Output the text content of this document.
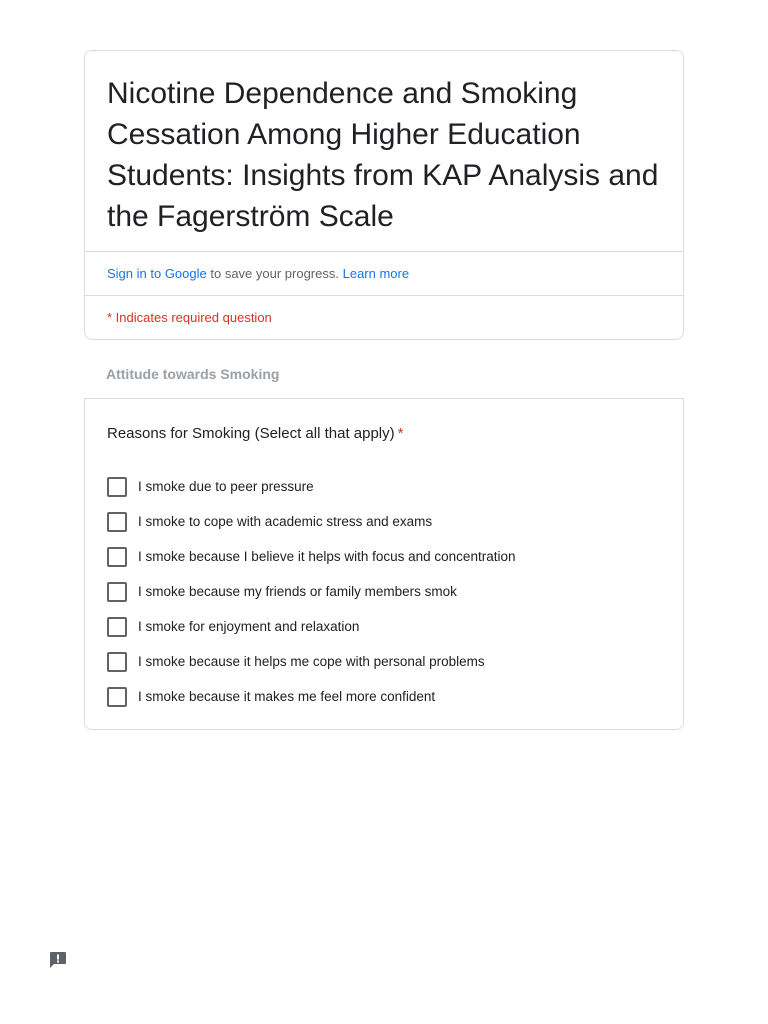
Nicotine Dependence and Smoking Cessation Among Higher Education Students: Insights from KAP Analysis and the Fagerström Scale
Sign in to Google
to save your progress.
Learn more
* Indicates required question
Attitude towards Smoking
Reasons for Smoking (Select all that apply) *
I smoke due to peer pressure
I smoke to cope with academic stress and exams
I smoke because I believe it helps with focus and concentration
I smoke because my friends or family members smok
I smoke for enjoyment and relaxation
I smoke because it helps me cope with personal problems
I smoke because it makes me feel more confident
